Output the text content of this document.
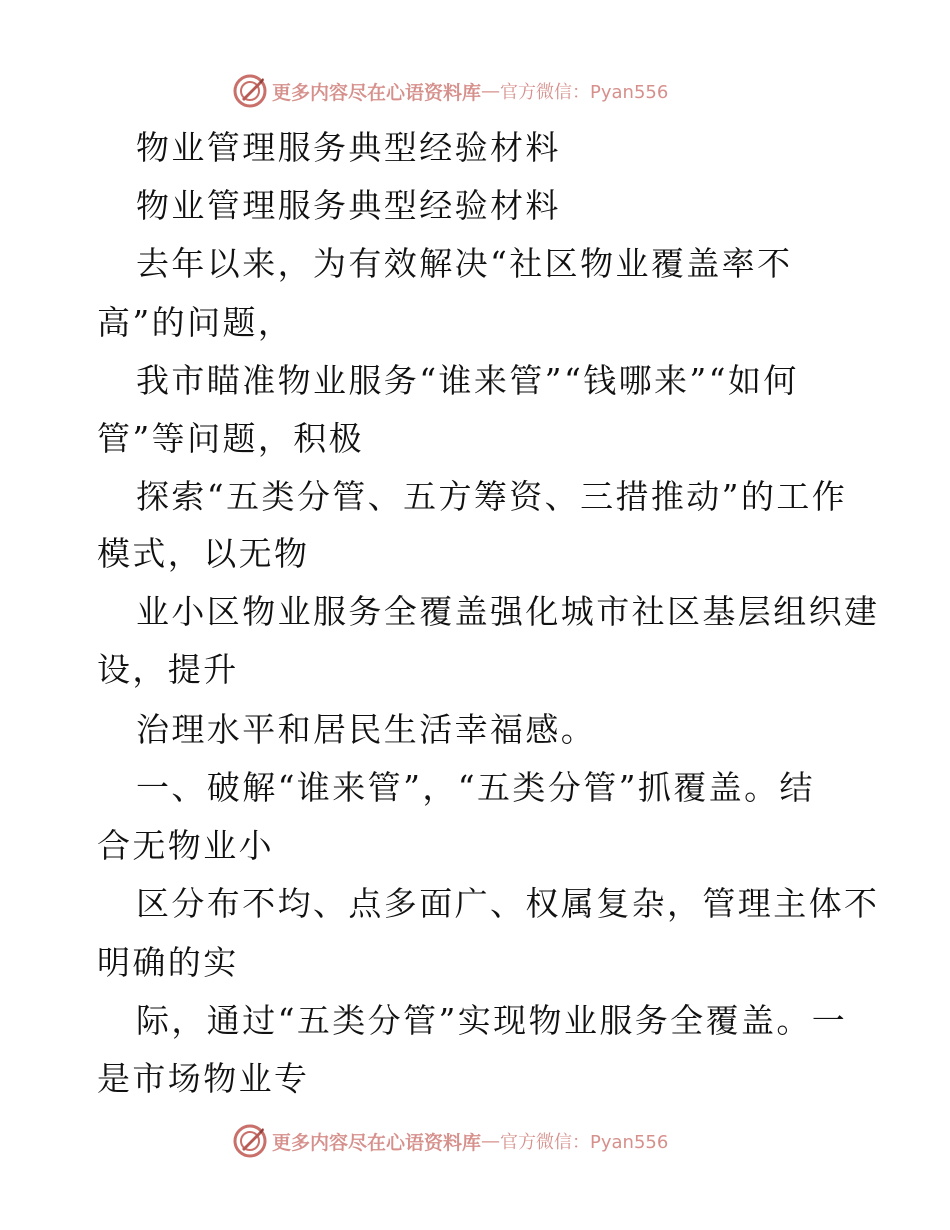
更多内容尽在心语资料库 — 官方微信：Pyan556
物业管理服务典型经验材料
物业管理服务典型经验材料
去年以来，为有效解决“社区物业覆盖率不
高”的问题，
我市瞄准物业服务“谁来管”“钱哪来”“如何
管”等问题，积极
探索“五类分管、五方筹资、三措推动”的工作
模式，以无物
业小区物业服务全覆盖强化城市社区基层组织建
设，提升
治理水平和居民生活幸福感。
一、破解“谁来管”，“五类分管”抓覆盖。结
合无物业小
区分布不均、点多面广、权属复杂，管理主体不
明确的实
际，通过“五类分管”实现物业服务全覆盖。一
是市场物业专
更多内容尽在心语资料库 — 官方微信：Pyan556
